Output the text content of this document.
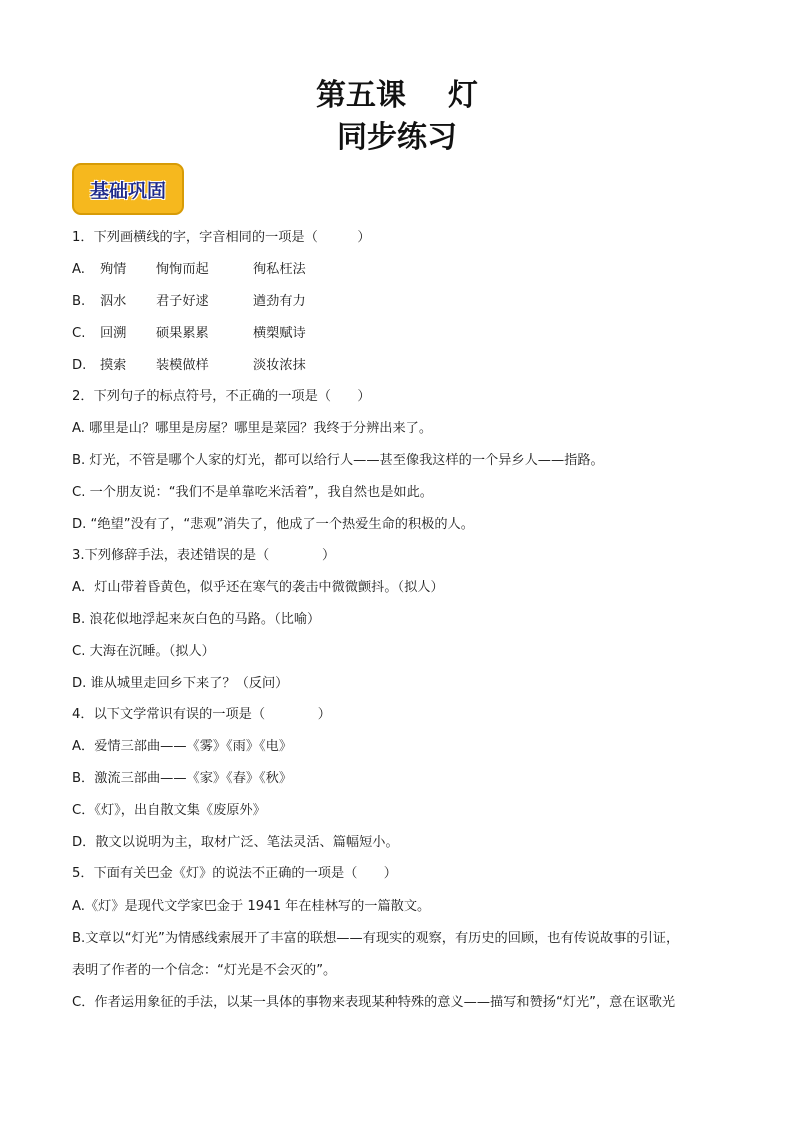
第五课 灯
同步练习
基础巩固
1．下列画横线的字，字音相同的一项是（　　　）
A. 殉情 恂恂而起	徇私枉法
B. 泅水 君子好逑	遒劲有力
C. 回溯 硕果累累	横槊赋诗
D. 摸索 装模做样	淡妆浓抹
2．下列句子的标点符号，不正确的一项是（　　）
A. 哪里是山？哪里是房屋？哪里是菜园？我终于分辨出来了。
B. 灯光，不管是哪个人家的灯光，都可以给行人——甚至像我这样的一个异乡人——指路。
C. 一个朋友说：“我们不是单靠吃米活着”，我自然也是如此。
D. “绝望”没有了，“悲观”消失了，他成了一个热爱生命的积极的人。
3.下列修辞手法，表述错误的是（　　　　）
A．灯山带着昏黄色，似乎还在寒气的袭击中微微颤抖。（拟人）
B. 浪花似地浮起来灰白色的马路。（比喻）
C. 大海在沉睡。（拟人）
D. 谁从城里走回乡下来了？（反问）
4．以下文学常识有误的一项是（　　　　）
A．爱情三部曲——《雾》《雨》《电》
B．激流三部曲——《家》《春》《秋》
C．《灯》，出自散文集《废原外》
D．散文以说明为主，取材广泛、笔法灵活、篇幅短小。
5．下面有关巴金《灯》的说法不正确的一项是（　　）
A.《灯》是现代文学家巴金于 1941 年在桂林写的一篇散文。
B.文章以“灯光”为情感线索展开了丰富的联想——有现实的观察，有历史的回顾，也有传说故事的引证，
表明了作者的一个信念：“灯光是不会灭的”。
C．作者运用象征的手法，以某一具体的事物来表现某种特殊的意义——描写和赞扬“灯光”，意在讴歌光
